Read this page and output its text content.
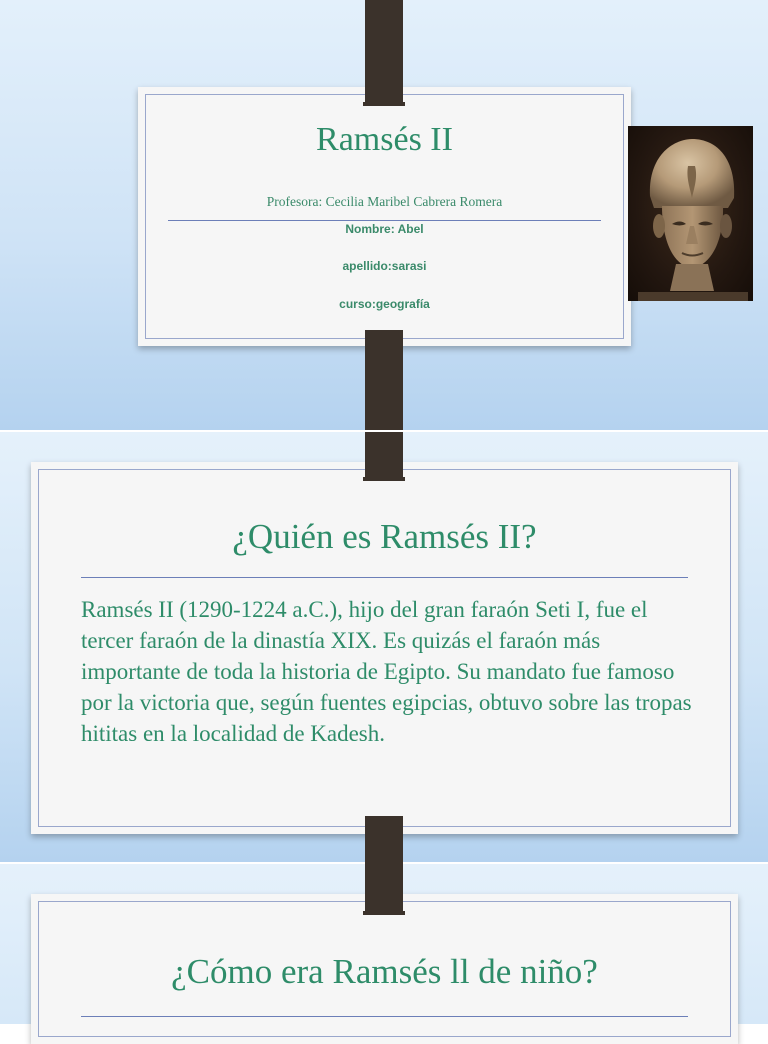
Ramsés II
Profesora: Cecilia Maribel Cabrera Romera
Nombre: Abel
apellido:sarasi
curso:geografía
¿Quién es Ramsés II?
Ramsés II (1290-1224 a.C.), hijo del gran faraón Seti I, fue el tercer faraón de la dinastía XIX. Es quizás el faraón más importante de toda la historia de Egipto. Su mandato fue famoso por la victoria que, según fuentes egipcias, obtuvo sobre las tropas hititas en la localidad de Kadesh.
¿Cómo era Ramsés ll de niño?
